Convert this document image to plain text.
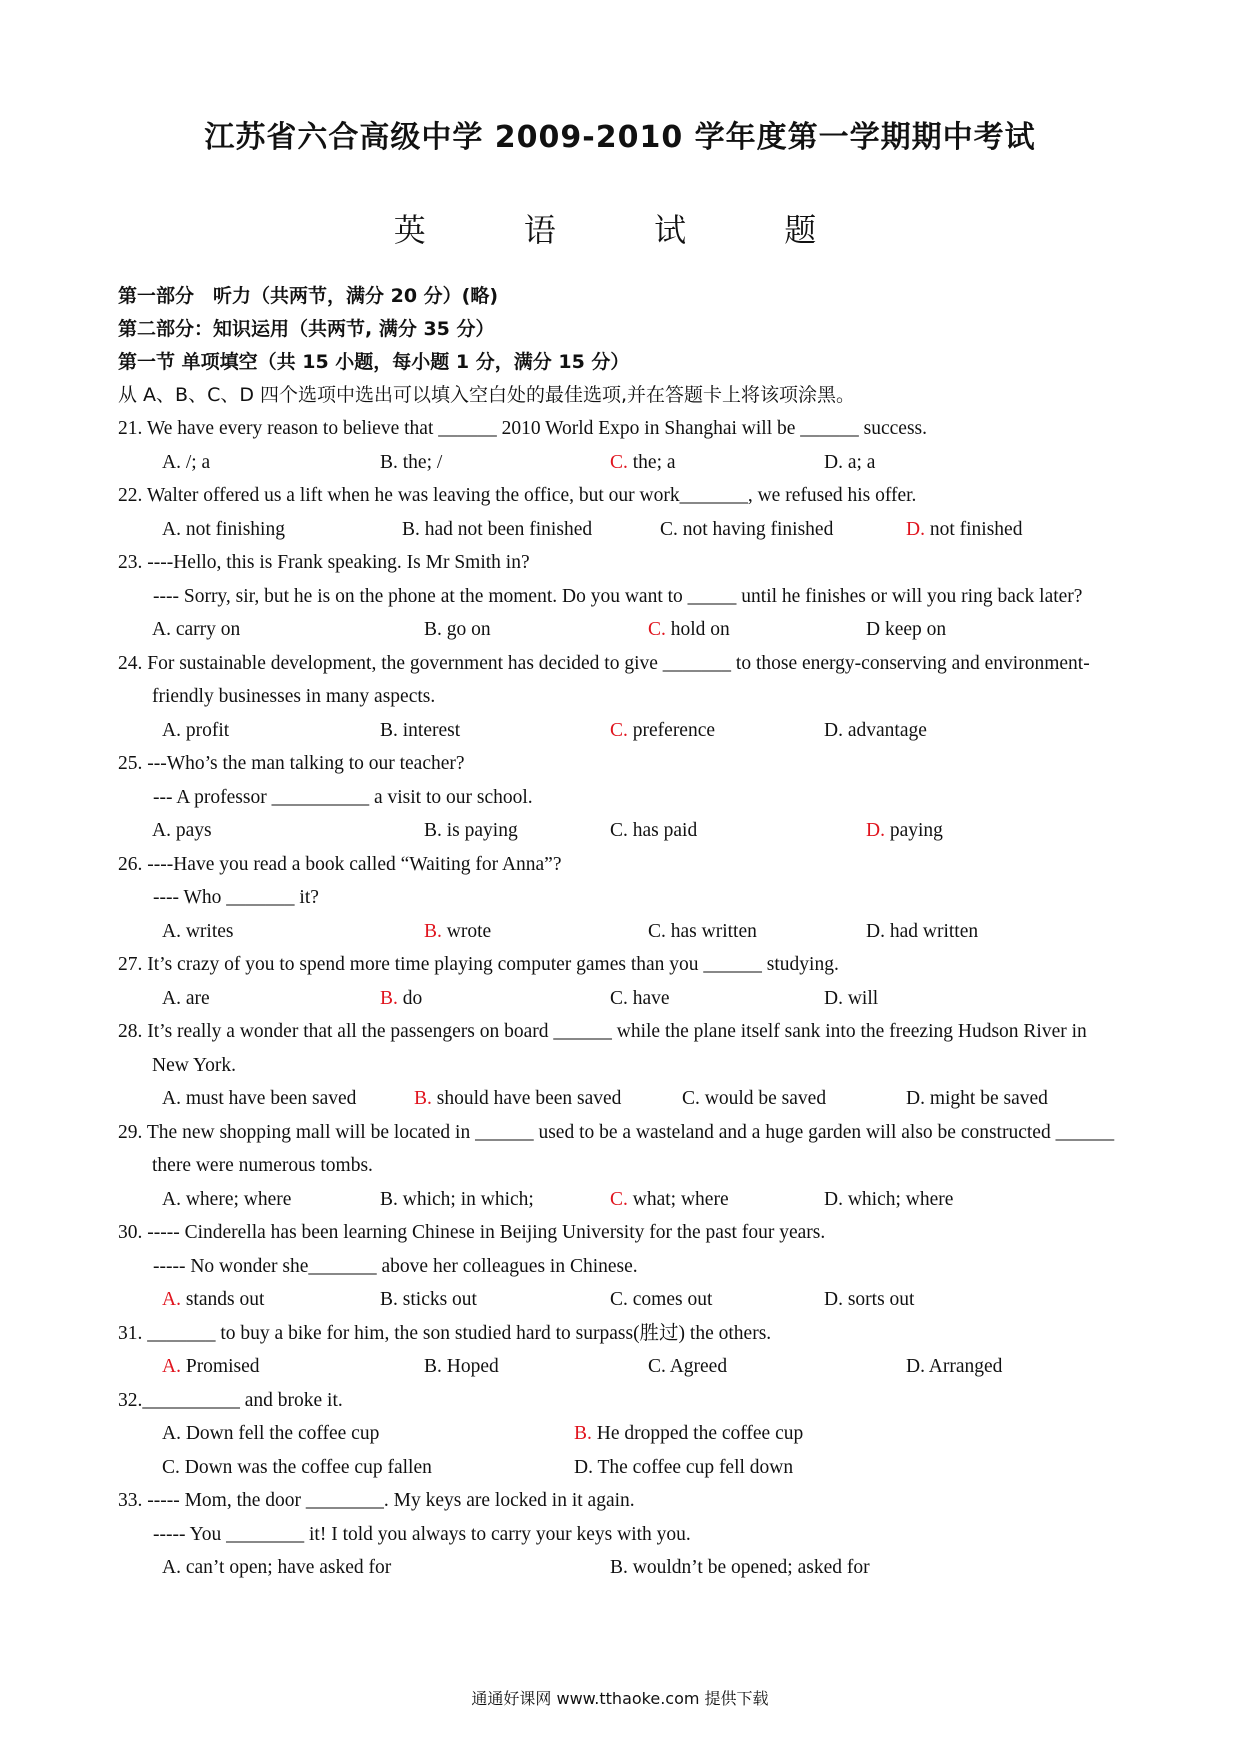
江苏省六合高级中学 2009-2010 学年度第一学期期中考试
英 语 试 题
第一部分　听力（共两节，满分 20 分）(略)
第二部分：知识运用（共两节, 满分 35 分）
第一节 单项填空（共 15 小题，每小题 1 分，满分 15 分）
从 A、B、C、D 四个选项中选出可以填入空白处的最佳选项,并在答题卡上将该项涂黑。
21. We have every reason to believe that ______ 2010 World Expo in Shanghai will be ______ success.
A. /; a	B. the; /	C. the; a	D. a; a
22. Walter offered us a lift when he was leaving the office, but our work_______, we refused his offer.
A. not finishing	B. had not been finished	C. not having finished	D. not finished
23. ----Hello, this is Frank speaking. Is Mr Smith in?
---- Sorry, sir, but he is on the phone at the moment. Do you want to _____ until he finishes or will you ring back later?
A. carry on	B. go on	C. hold on	D keep on
24. For sustainable development, the government has decided to give _______ to those energy-conserving and environment-friendly businesses in many aspects.
A. profit	B. interest	C. preference	D. advantage
25. ---Who’s the man talking to our teacher?
--- A professor __________ a visit to our school.
A. pays	B. is paying	C. has paid	D. paying
26. ----Have you read a book called “Waiting for Anna”?
---- Who _______ it?
A. writes	B. wrote	C. has written	D. had written
27. It’s crazy of you to spend more time playing computer games than you ______ studying.
A. are	B. do	C. have	D. will
28. It’s really a wonder that all the passengers on board ______ while the plane itself sank into the freezing Hudson River in New York.
A. must have been saved	B. should have been saved	C. would be saved	D. might be saved
29. The new shopping mall will be located in ______ used to be a wasteland and a huge garden will also be constructed ______ there were numerous tombs.
A. where; where	B. which; in which;	C. what; where	D. which; where
30. ----- Cinderella has been learning Chinese in Beijing University for the past four years.
----- No wonder she_______ above her colleagues in Chinese.
A. stands out	B. sticks out	C. comes out	D. sorts out
31. _______ to buy a bike for him, the son studied hard to surpass(胜过) the others.
A. Promised	B. Hoped	C. Agreed	D. Arranged
32.__________ and broke it.
A. Down fell the coffee cup	B. He dropped the coffee cup
C. Down was the coffee cup fallen	D. The coffee cup fell down
33. ----- Mom, the door ________. My keys are locked in it again.
----- You ________ it! I told you always to carry your keys with you.
A. can’t open; have asked for	B. wouldn’t be opened; asked for
通通好课网 www.tthaoke.com 提供下载
